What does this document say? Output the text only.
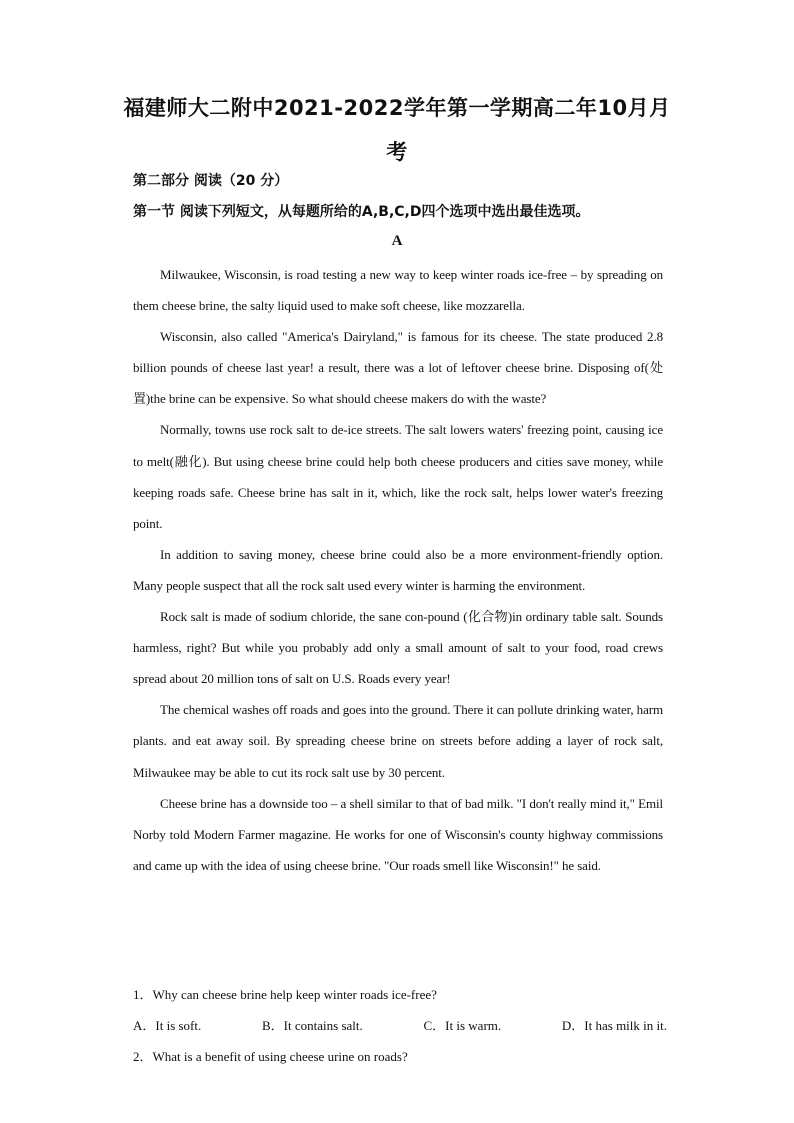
福建师大二附中2021-2022学年第一学期高二年10月月考

第二部分 阅读（20 分）

第一节 阅读下列短文，从每题所给的A,B,C,D四个选项中选出最佳选项。

A

Milwaukee, Wisconsin, is road testing a new way to keep winter roads ice-free – by spreading on them cheese brine, the salty liquid used to make soft cheese, like mozzarella.

Wisconsin, also called "America's Dairyland," is famous for its cheese. The state produced 2.8 billion pounds of cheese last year! a result, there was a lot of leftover cheese brine. Disposing of(处置)the brine can be expensive. So what should cheese makers do with the waste?

Normally, towns use rock salt to de-ice streets. The salt lowers waters' freezing point, causing ice to melt(融化). But using cheese brine could help both cheese producers and cities save money, while keeping roads safe. Cheese brine has salt in it, which, like the rock salt, helps lower water's freezing point.

In addition to saving money, cheese brine could also be a more environment-friendly option. Many people suspect that all the rock salt used every winter is harming the environment.

Rock salt is made of sodium chloride, the sane con-pound (化合物)in ordinary table salt. Sounds harmless, right? But while you probably add only a small amount of salt to your food, road crews spread about 20 million tons of salt on U.S. Roads every year!

The chemical washes off roads and goes into the ground. There it can pollute drinking water, harm plants. and eat away soil. By spreading cheese brine on streets before adding a layer of rock salt, Milwaukee may be able to cut its rock salt use by 30 percent.

Cheese brine has a downside too – a shell similar to that of bad milk. "I don't really mind it," Emil Norby told Modern Farmer magazine. He works for one of Wisconsin's county highway commissions and came up with the idea of using cheese brine. "Our roads smell like Wisconsin!" he said.

1．Why can cheese brine help keep winter roads ice-free?

A．It is soft.	B．It contains salt.	C．It is warm.	D．It has milk in it.

2．What is a benefit of using cheese urine on roads?
